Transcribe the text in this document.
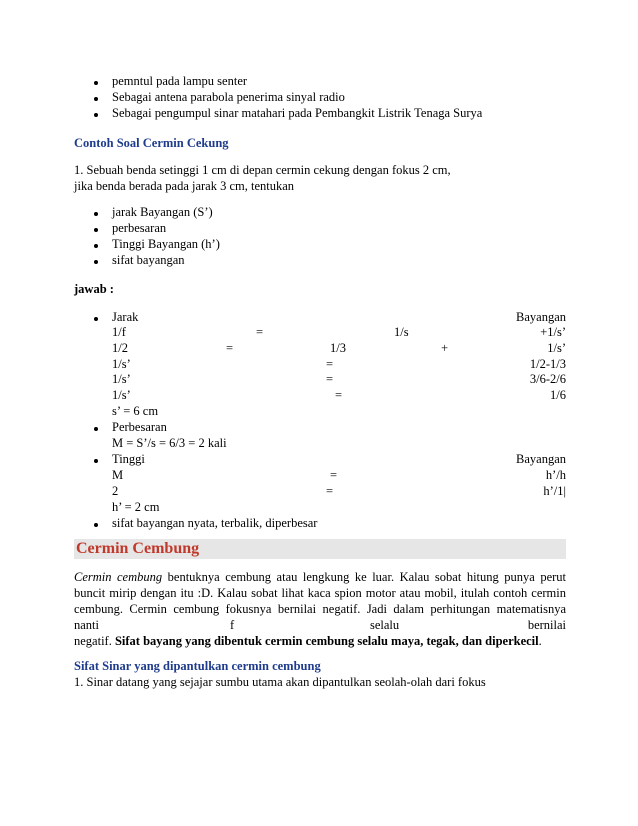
pemntul pada lampu senter
Sebagai antena parabola penerima sinyal radio
Sebagai pengumpul sinar matahari pada Pembangkit Listrik Tenaga Surya
Contoh Soal Cermin Cekung
1. Sebuah benda setinggi 1 cm di depan cermin cekung dengan fokus 2 cm,
jika benda berada pada jarak 3 cm, tentukan
jarak Bayangan (S’)
perbesaran
Tinggi Bayangan (h’)
sifat bayangan
jawab :
Jarak	Bayangan
1/f	=	1/s	+1/s’
1/2	=	1/3	+	1/s’
1/s’	=	1/2-1/3
1/s’	=	3/6-2/6
1/s’	=	1/6
s’ = 6 cm
Perbesaran
M = S’/s = 6/3 = 2 kali
Tinggi	Bayangan
M	=	h’/h
2	=	h’/1|
h’ = 2 cm
sifat bayangan nyata, terbalik, diperbesar
Cermin Cembung
Cermin cembung bentuknya cembung atau lengkung ke luar. Kalau sobat hitung punya perut
buncit mirip dengan itu :D. Kalau sobat lihat kaca spion motor atau mobil, itulah contoh cermin
cembung. Cermin cembung fokusnya bernilai negatif. Jadi dalam perhitungan matematisnya
nanti	f	selalu	bernilai
negatif. Sifat bayang yang dibentuk cermin cembung selalu maya, tegak, dan diperkecil.
Sifat Sinar yang dipantulkan cermin cembung
1. Sinar datang yang sejajar sumbu utama akan dipantulkan seolah-olah dari fokus
